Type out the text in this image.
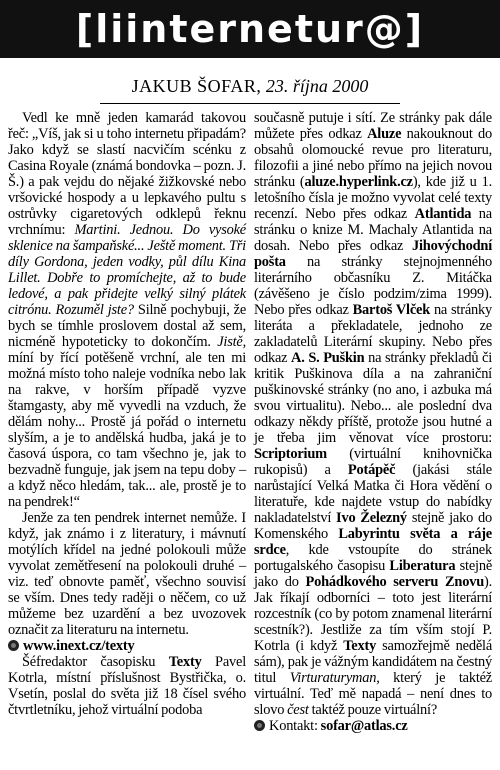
[liinternetur@]
JAKUB ŠOFAR, 23. října 2000

Vedl ke mně jeden kamarád takovou řeč: „Víš, jak si u toho internetu připadám? Jako když se slastí nacvičím scénku z Casina Royale (známá bondovka – pozn. J. Š.) a pak vejdu do nějaké žižkovské nebo vršovické hospody a u lepkavého pultu s ostrůvky cigaretových odklepů řeknu vrchnímu: Martini. Jednou. Do vysoké sklenice na šampaňské... Ještě moment. Tři díly Gordona, jeden vodky, půl dílu Kina Lillet. Dobře to promíchejte, až to bude ledové, a pak přidejte velký silný plátek citrónu. Rozuměl jste? Silně pochybuji, že bych se tímhle proslovem dostal až sem, nicméně hypoteticky to dokončím. Jistě, míní by řící potěšeně vrchní, ale ten mi možná místo toho naleje vodníka nebo lak na rakve, v horším případě vyzve štamgasty, aby mě vyvedli na vzduch, že dělám nohy... Prostě já pořád o internetu slyším, a je to andělská hudba, jaká je to časová úspora, co tam všechno je, jak to bezvadně funguje, jak jsem na tepu doby – a když něco hledám, tak... ale, prostě je to na pendrek!“

Jenže za ten pendrek internet nemůže. I když, jak známo i z literatury, i mávnutí motýlích křídel na jedné polokouli může vyvolat zemětřesení na polokouli druhé – viz. teď obnovte paměť, všechno souvisí se vším. Dnes tedy raději o něčem, co už můžeme bez uzardění a bez uvozovek označit za literaturu na internetu.

www.inext.cz/texty

Šéfredaktor časopisku Texty Pavel Kotrla, místní příslušnost Bystřička, o. Vsetín, poslal do světa již 18 čísel svého čtvrtletníku, jehož virtuální podoba

současně putuje i sítí. Ze stránky pak dále můžete přes odkaz Aluze nakouknout do obsahů olomoucké revue pro literaturu, filozofii a jiné nebo přímo na jejich novou stránku (aluze.hyperlink.cz), kde již u 1. letošního čísla je možno vyvolat celé texty recenzí. Nebo přes odkaz Atlantida na stránku o knize M. Machaly Atlantida na dosah. Nebo přes odkaz Jihovýchodní pošta na stránky stejnojmenného literárního občasníku Z. Mitáčka (závěšeno je číslo podzim/zima 1999). Nebo přes odkaz Bartoš Vlček na stránky literáta a překladatele, jednoho ze zakladatelů Literární skupiny. Nebo přes odkaz A. S. Puškin na stránky překladů či kritik Puškinova díla a na zahraniční puškinovské stránky (no ano, i azbuka má svou virtualitu). Nebo... ale poslední dva odkazy někdy příště, protože jsou hutné a je třeba jim věnovat více prostoru: Scriptorium (virtuální knihovnička rukopisů) a Potápěč (jakási stále narůstající Velká Matka či Hora vědění o literatuře, kde najdete vstup do nabídky nakladatelství Ivo Železný stejně jako do Komenského Labyrintu světa a ráje srdce, kde vstoupíte do stránek portugalského časopisu Liberatura stejně jako do Pohádkového serveru Znovu). Jak říkají odborníci – toto jest literární rozcestník (co by potom znamenal literární scestník?). Jestliže za tím vším stojí P. Kotrla (i když Texty samozřejmě nedělá sám), pak je vážným kandidátem na čestný titul Virturaturyman, který je taktéž virtuální. Teď mě napadá – není dnes to slovo čest taktéž pouze virtuální?

Kontakt: sofar@atlas.cz
